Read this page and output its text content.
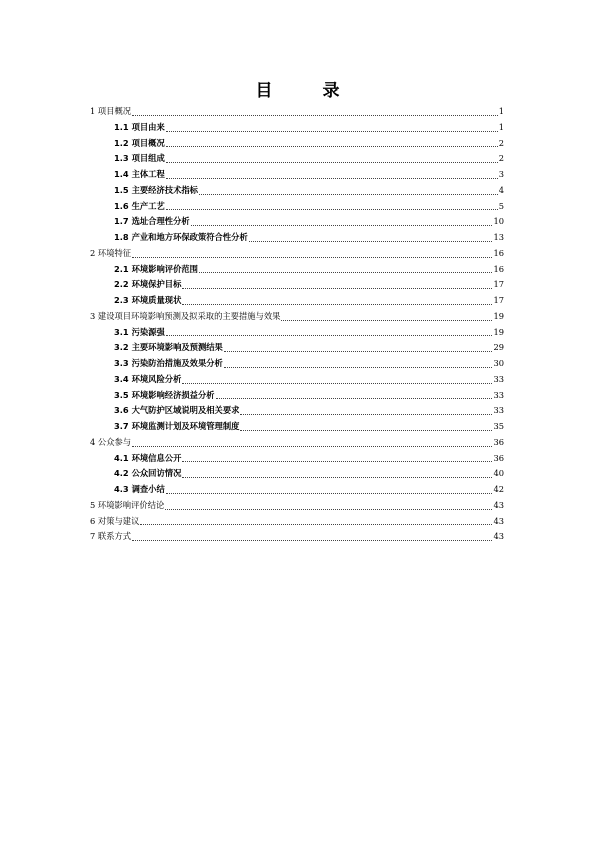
目 录
1 项目概况	1
1.1 项目由来	1
1.2 项目概况	2
1.3 项目组成	2
1.4 主体工程	3
1.5 主要经济技术指标	4
1.6 生产工艺	5
1.7 选址合理性分析	10
1.8 产业和地方环保政策符合性分析	13
2 环境特征	16
2.1 环境影响评价范围	16
2.2 环境保护目标	17
2.3 环境质量现状	17
3 建设项目环境影响预测及拟采取的主要措施与效果	19
3.1 污染源强	19
3.2 主要环境影响及预测结果	29
3.3 污染防治措施及效果分析	30
3.4 环境风险分析	33
3.5 环境影响经济损益分析	33
3.6 大气防护区域说明及相关要求	33
3.7 环境监测计划及环境管理制度	35
4 公众参与	36
4.1 环境信息公开	36
4.2 公众回访情况	40
4.3 调查小结	42
5 环境影响评价结论	43
6 对策与建议	43
7 联系方式	43
